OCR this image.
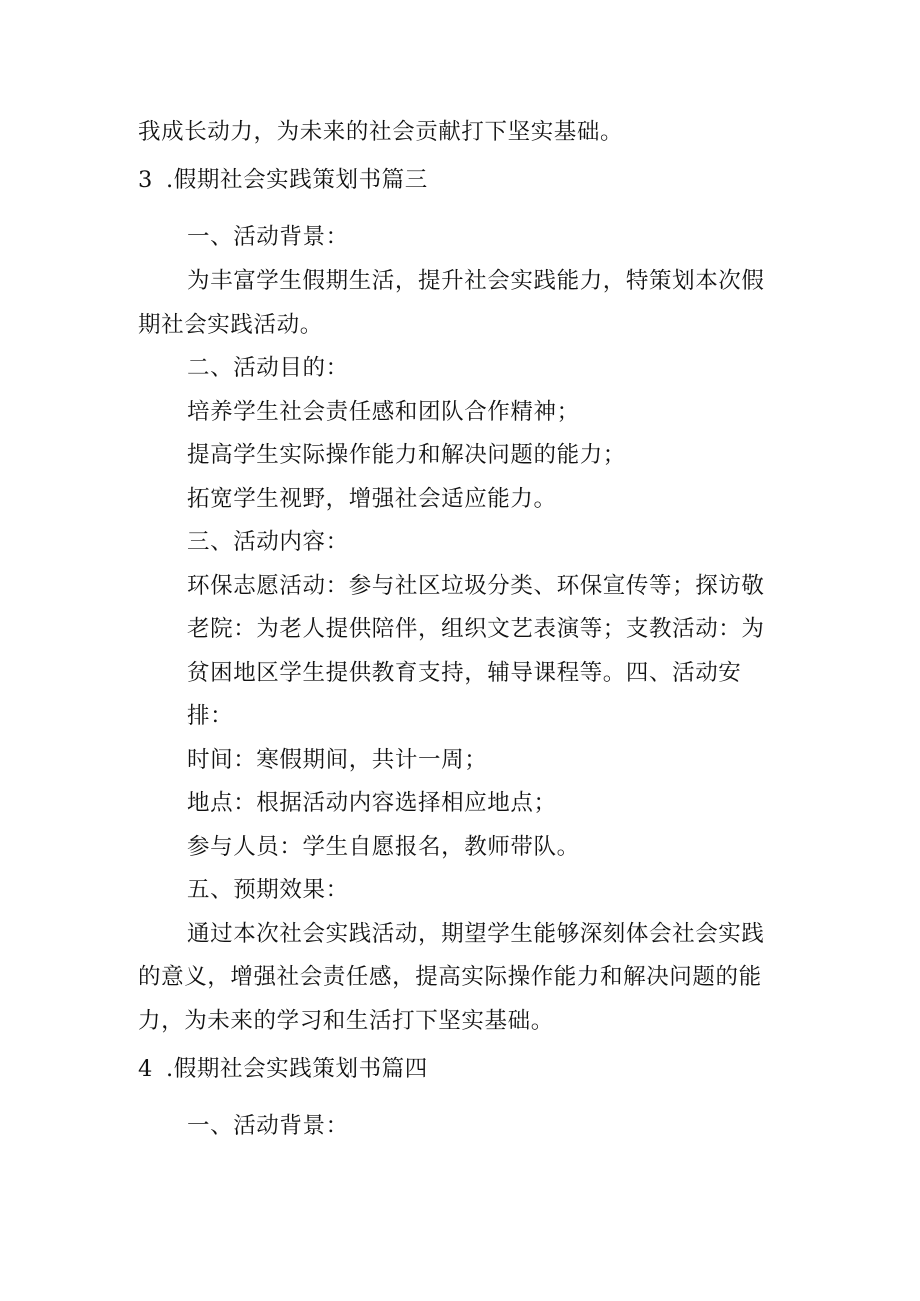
我成长动力，为未来的社会贡献打下坚实基础。
3 .假期社会实践策划书篇三
一、活动背景：
为丰富学生假期生活，提升社会实践能力，特策划本次假
期社会实践活动。
二、活动目的：
培养学生社会责任感和团队合作精神；
提高学生实际操作能力和解决问题的能力；
拓宽学生视野，增强社会适应能力。
三、活动内容：
环保志愿活动：参与社区垃圾分类、环保宣传等；探访敬
老院：为老人提供陪伴，组织文艺表演等；支教活动：为
贫困地区学生提供教育支持，辅导课程等。四、活动安
排：
时间：寒假期间，共计一周；
地点：根据活动内容选择相应地点；
参与人员：学生自愿报名，教师带队。
五、预期效果：
通过本次社会实践活动，期望学生能够深刻体会社会实践
的意义，增强社会责任感，提高实际操作能力和解决问题的能
力，为未来的学习和生活打下坚实基础。
4 .假期社会实践策划书篇四
一、活动背景：
